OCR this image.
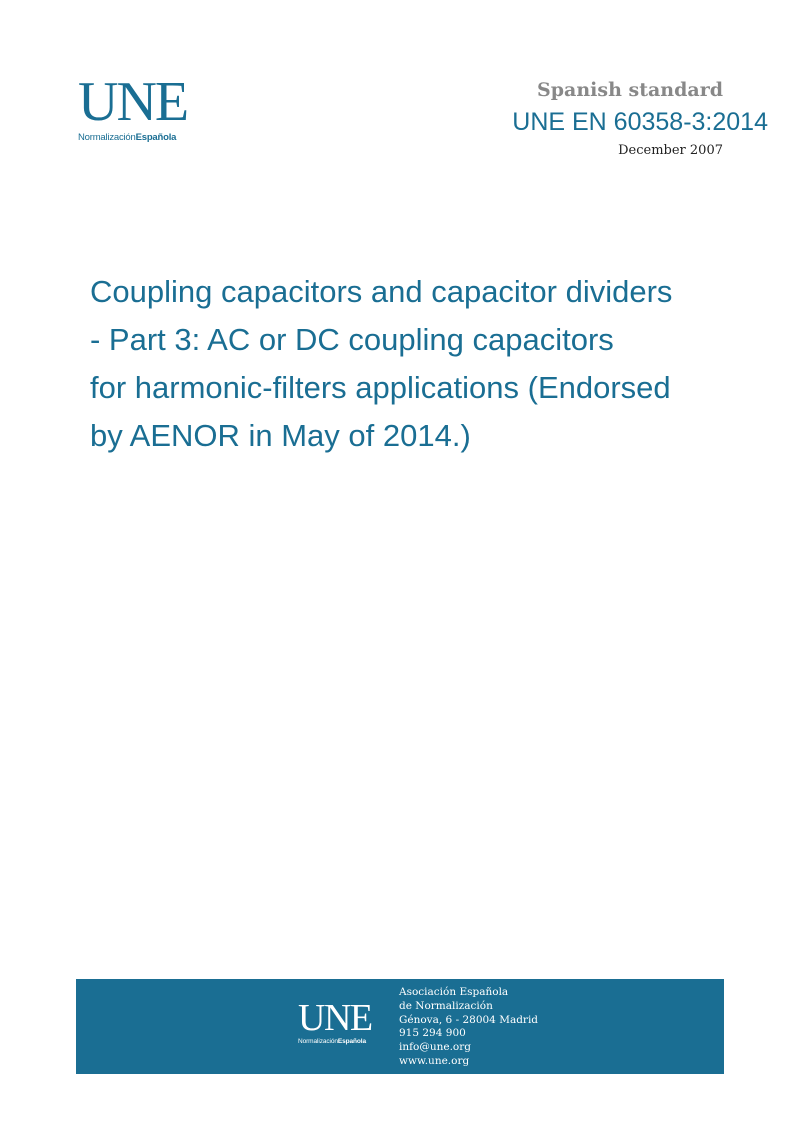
UNE
NormalizaciónEspañola
Spanish standard
UNE EN 60358-3:2014
December 2007
Coupling capacitors and capacitor dividers
- Part 3: AC or DC coupling capacitors
for harmonic-filters applications (Endorsed
by AENOR in May of 2014.)
UNE
NormalizaciónEspañola
Asociación Española
de Normalización
Génova, 6 - 28004 Madrid
915 294 900
info@une.org
www.une.org
